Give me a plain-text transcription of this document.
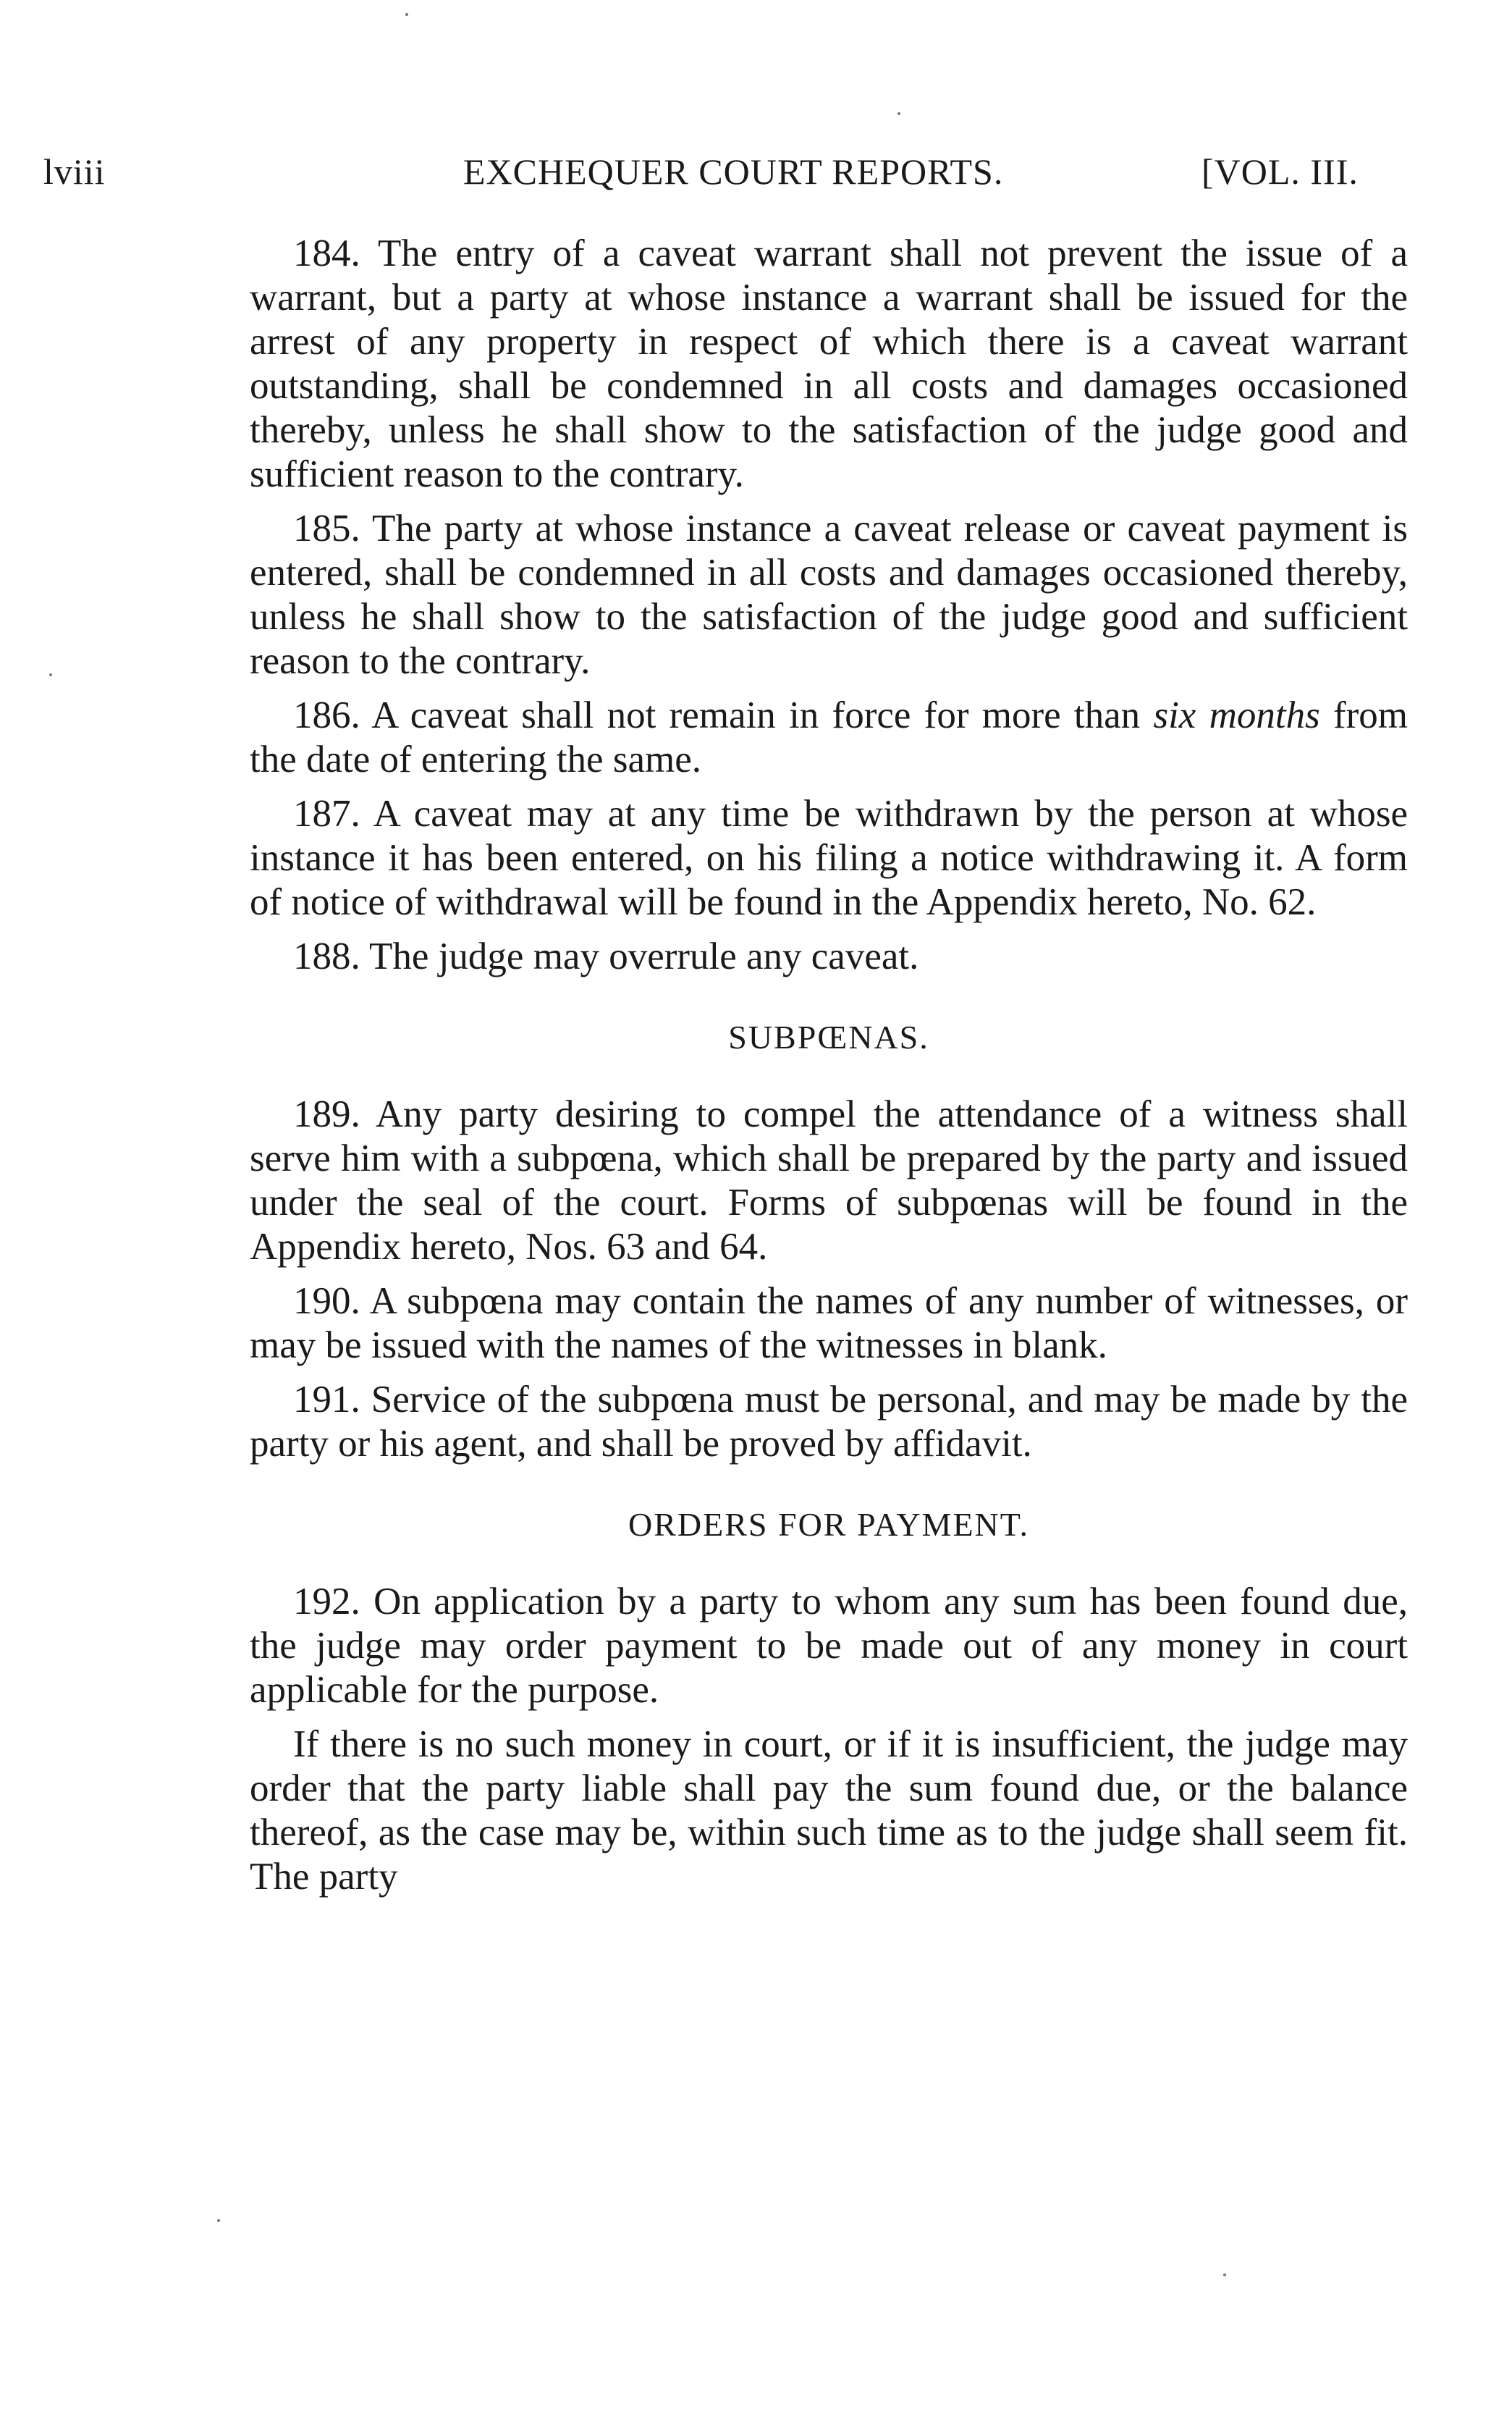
lviii	EXCHEQUER COURT REPORTS.	[VOL. III.

184. The entry of a caveat warrant shall not prevent the issue of a warrant, but a party at whose instance a warrant shall be issued for the arrest of any property in respect of which there is a caveat warrant outstanding, shall be condemned in all costs and damages occasioned thereby, unless he shall show to the satisfaction of the judge good and sufficient reason to the contrary.

185. The party at whose instance a caveat release or caveat payment is entered, shall be condemned in all costs and damages occasioned thereby, unless he shall show to the satisfaction of the judge good and sufficient reason to the contrary.

186. A caveat shall not remain in force for more than six months from the date of entering the same.

187. A caveat may at any time be withdrawn by the person at whose instance it has been entered, on his filing a notice withdrawing it. A form of notice of withdrawal will be found in the Appendix hereto, No. 62.

188. The judge may overrule any caveat.

SUBPŒNAS.

189. Any party desiring to compel the attendance of a witness shall serve him with a subpœna, which shall be prepared by the party and issued under the seal of the court. Forms of subpœnas will be found in the Appendix hereto, Nos. 63 and 64.

190. A subpœna may contain the names of any number of witnesses, or may be issued with the names of the witnesses in blank.

191. Service of the subpœna must be personal, and may be made by the party or his agent, and shall be proved by affidavit.

ORDERS FOR PAYMENT.

192. On application by a party to whom any sum has been found due, the judge may order payment to be made out of any money in court applicable for the purpose.

If there is no such money in court, or if it is insufficient, the judge may order that the party liable shall pay the sum found due, or the balance thereof, as the case may be, within such time as to the judge shall seem fit. The party
